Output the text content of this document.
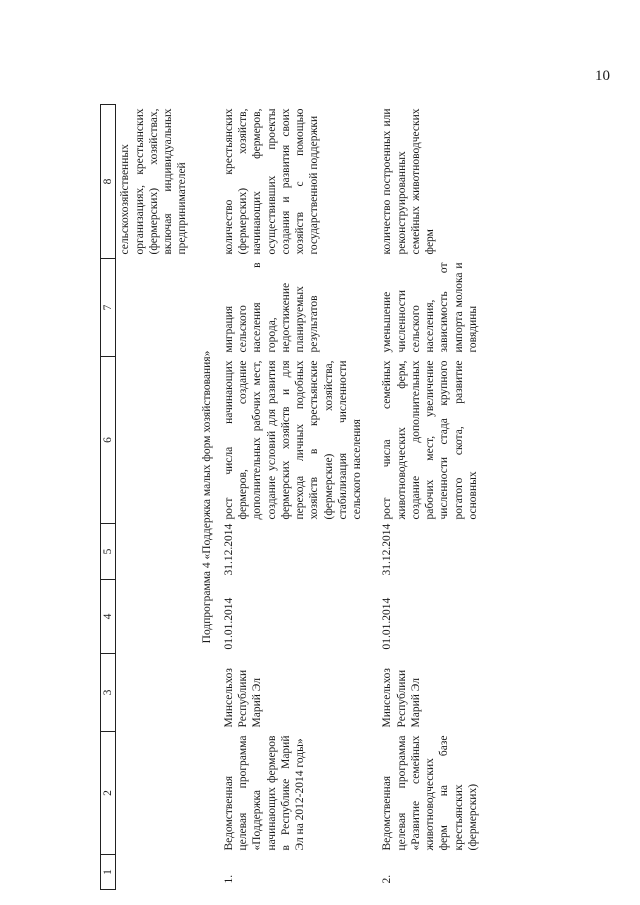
10
1	2	3	4	5	6	7	8
							сельскохозяйственных организациях, крестьянских (фермерских) хозяйствах, включая индивидуальных предпринимателей
Подпрограмма 4 «Поддержка малых форм хозяйствования»							
1.	Ведомственная целевая программа «Поддержка начинающих фермеров в Республике Марий Эл на 2012-2014 годы»	Минсельхоз Республики Марий Эл	01.01.2014	31.12.2014	рост числа начинающих фермеров, создание дополнительных рабочих мест, создание условий для развития фермерских хозяйств и для перехода личных подобных хозяйств в крестьянские (фермерские) хозяйства, стабилизация численности сельского населения	миграция сельского населения в города, недостижение планируемых результатов	количество крестьянских (фермерских) хозяйств, начинающих фермеров, осуществивших проекты создания и развития своих хозяйств с помощью государственной поддержки
2.	Ведомственная целевая программа «Развитие семейных животноводческих ферм на базе крестьянских (фермерских)	Минсельхоз Республики Марий Эл	01.01.2014	31.12.2014	рост числа семейных животноводческих ферм, создание дополнительных рабочих мест, увеличение численности стада крупного рогатого скота, развитие основных	уменьшение численности сельского населения, зависимость от импорта молока и говядины	количество построенных или реконструированных семейных животноводческих ферм
